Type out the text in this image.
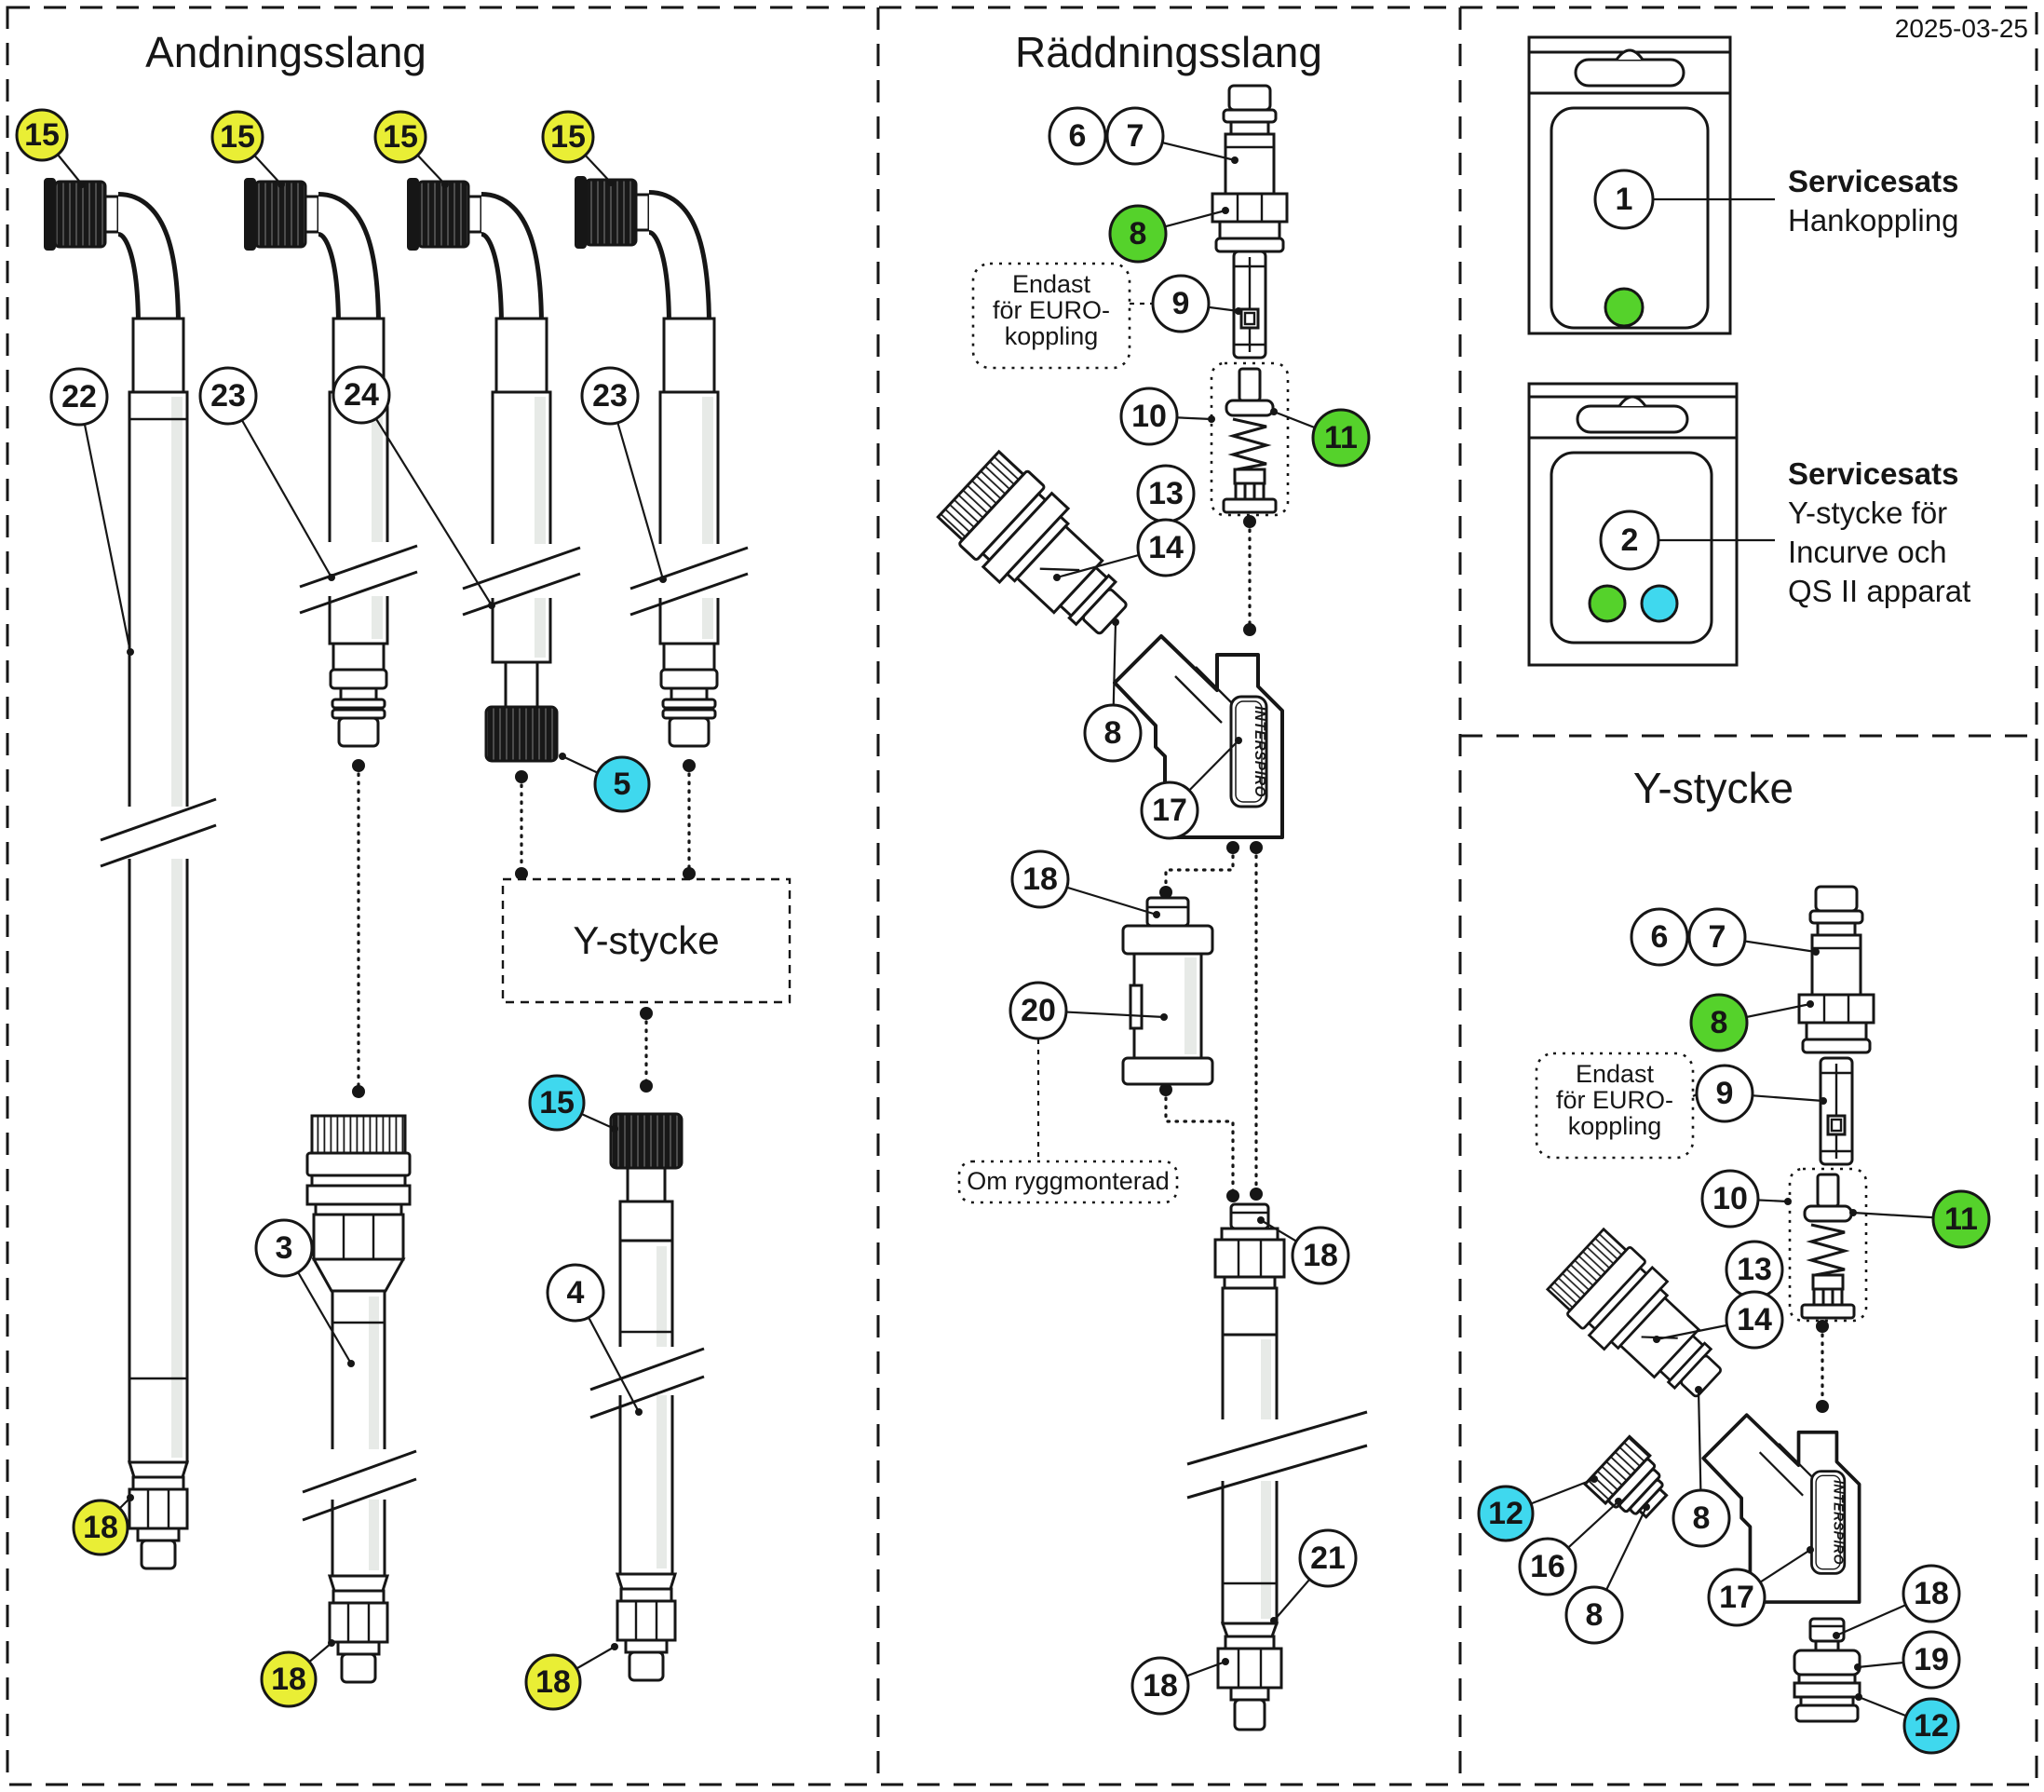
2025-03-25
Andningsslang
Y-stycke
Räddningsslang
Endast
för EURO-
koppling
INTERSPIRO
Om ryggmonterad
Servicesats
Hankoppling
Servicesats
Y-stycke för
Incurve och
QS II apparat
Y-stycke
Endast
för EURO-
koppling
INTERSPIRO
15	15	15	15
22	23	24	23
5
3
15
4
18
18	18
6 7
8
9
10
11
13
14
8
17
18
20
18
21
18
1
2
6 7
8
9
10
11
13
14
12
16
8
8
17	18
19
12
